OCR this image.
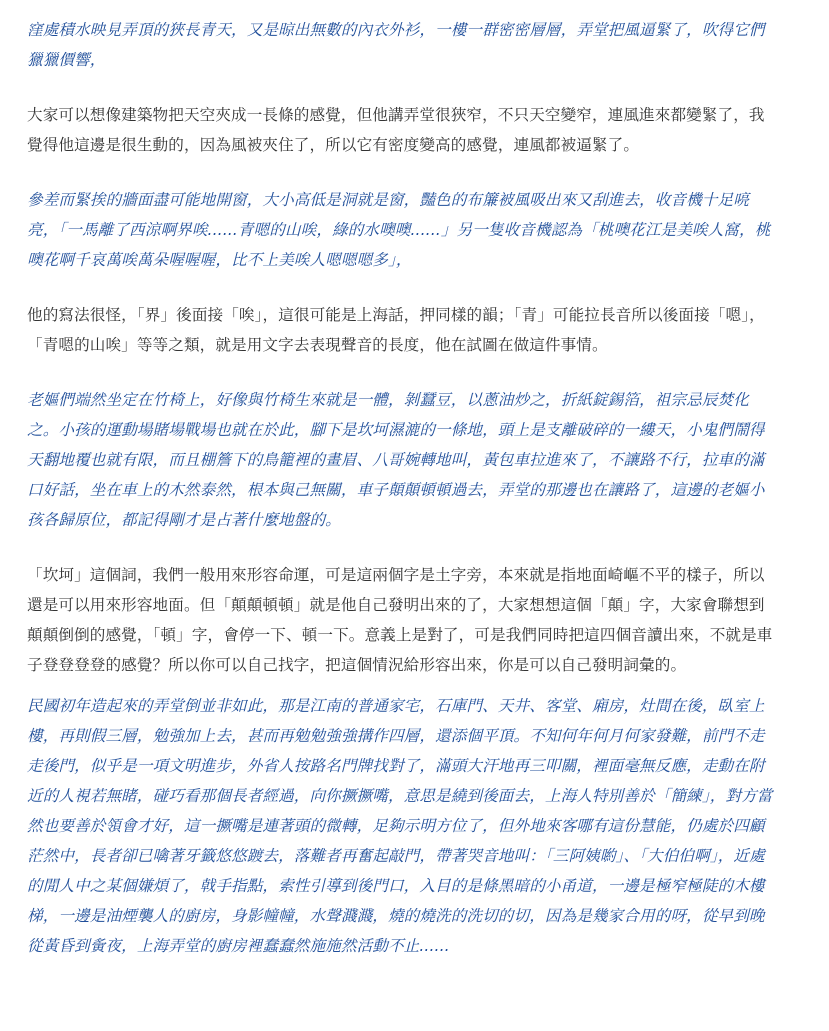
窪處積水映見弄頂的狹長青天，又是晾出無數的內衣外衫，一樓一群密密層層，弄堂把風逼緊了，吹得它們獵獵價響，

大家可以想像建築物把天空夾成一長條的感覺，但他講弄堂很狹窄，不只天空變窄，連風進來都變緊了，我覺得他這邊是很生動的，因為風被夾住了，所以它有密度變高的感覺，連風都被逼緊了。

參差而緊挨的牆面盡可能地開窗，大小高低是洞就是窗，豔色的布簾被風吸出來又刮進去，收音機十足喨亮，「一馬離了西涼啊界唉......青嗯的山唉，綠的水噢噢......」另一隻收音機認為「桃噢花江是美唉人窩，桃噢花啊千哀萬唉萬朵喔喔喔，比不上美唉人嗯嗯嗯多」，

他的寫法很怪，「界」後面接「唉」，這很可能是上海話，押同樣的韻；「青」可能拉長音所以後面接「嗯」，「青嗯的山唉」等等之類，就是用文字去表現聲音的長度，他在試圖在做這件事情。

老嫗們端然坐定在竹椅上，好像與竹椅生來就是一體，剝蠶豆，以蔥油炒之，折紙錠錫箔，祖宗忌辰焚化之。小孩的運動場賭場戰場也就在於此，腳下是坎坷濕漉的一條地，頭上是支離破碎的一縷天，小鬼們鬧得天翻地覆也就有限，而且棚簷下的鳥籠裡的畫眉、八哥婉轉地叫，黃包車拉進來了，不讓路不行，拉車的滿口好話，坐在車上的木然泰然，根本與己無關，車子顛顛頓頓過去，弄堂的那邊也在讓路了，這邊的老嫗小孩各歸原位，都記得剛才是占著什麼地盤的。

「坎坷」這個詞，我們一般用來形容命運，可是這兩個字是土字旁，本來就是指地面崎嶇不平的樣子，所以還是可以用來形容地面。但「顛顛頓頓」就是他自己發明出來的了，大家想想這個「顛」字，大家會聯想到顛顛倒倒的感覺，「頓」字，會停一下、頓一下。意義上是對了，可是我們同時把這四個音讀出來，不就是車子登登登登的感覺？所以你可以自己找字，把這個情況給形容出來，你是可以自己發明詞彙的。

民國初年造起來的弄堂倒並非如此，那是江南的普通家宅，石庫門、天井、客堂、廂房，灶間在後，臥室上樓，再則假三層，勉強加上去，甚而再勉勉強強搆作四層，還添個平頂。不知何年何月何家發難，前門不走走後門，似乎是一項文明進步，外省人按路名門牌找對了，滿頭大汗地再三叩關，裡面毫無反應，走動在附近的人視若無睹，碰巧看那個長者經過，向你撅撅嘴，意思是繞到後面去，上海人特別善於「簡練」，對方當然也要善於領會才好，這一撅嘴是連著頭的微轉，足夠示明方位了，但外地來客哪有這份慧能，仍處於四顧茫然中，長者卻已噙著牙籤悠悠踱去，落難者再奮起敲門，帶著哭音地叫：「三阿姨喲」、「大伯伯啊」，近處的閒人中之某個嫌煩了，戟手指點，索性引導到後門口，入目的是條黑暗的小甬道，一邊是極窄極陡的木樓梯，一邊是油煙襲人的廚房，身影幢幢，水聲濺濺，燒的燒洗的洗切的切，因為是幾家合用的呀，從早到晚從黃昏到夤夜，上海弄堂的廚房裡蠢蠢然施施然活動不止......
